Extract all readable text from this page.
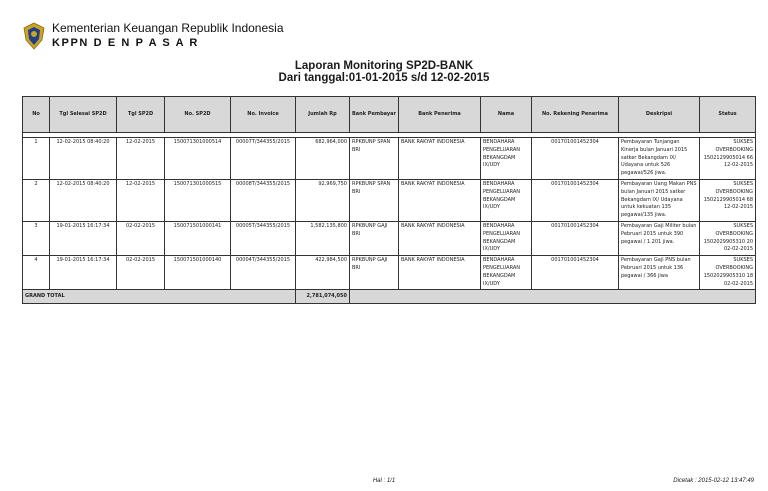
Kementerian Keuangan Republik Indonesia
KPPN D E N P A S A R
Laporan Monitoring SP2D-BANK
Dari tanggal:01-01-2015 s/d 12-02-2015
No	Tgl Selesai SP2D	Tgl SP2D	No. SP2D	No. Invoice	Jumlah Rp	Bank Pembayar	Bank Penerima	Nama	No. Rekening Penerima	Deskripsi	Status

1	12-02-2015 08:40:20	12-02-2015	150071301000514	00007T/344355/2015	682,964,000	RPKBUNP SPAN BRI	BANK RAKYAT INDONESIA	BENDAHARA PENGELUARAN BEKANGDAM IX/UDY	001701001452304	Pembayaran Tunjangan Kinerja bulan Januari 2015 satker Bekangdam IX/ Udayana untuk 526 pegawai/526 jiwa.	SUKSES OVERBOOKING 1502129905014 66 12-02-2015
2	12-02-2015 08:40:20	12-02-2015	150071301000515	00008T/344355/2015	92,969,750	RPKBUNP SPAN BRI	BANK RAKYAT INDONESIA	BENDAHARA PENGELUARAN BEKANGDAM IX/UDY	001701001452304	Pembayaran Uang Makan PNS bulan Januari 2015 satker Bekangdam IX/ Udayana untuk kekuatan 135 pegawai/135 jiwa.	SUKSES OVERBOOKING 1502129905014 68 12-02-2015
3	19-01-2015 16:17:34	02-02-2015	150071501000141	00005T/344355/2015	1,582,135,800	RPKBUNP GAJI BRI	BANK RAKYAT INDONESIA	BENDAHARA PENGELUARAN BEKANGDAM IX/UDY	001701001452304	Pembayaran Gaji Militer bulan Pebruari 2015 untuk 390 pegawai / 1.201 jiwa.	SUKSES OVERBOOKING 1502029905310 20 02-02-2015
4	19-01-2015 16:17:34	02-02-2015	150071501000140	00004T/344355/2015	422,984,500	RPKBUNP GAJI BRI	BANK RAKYAT INDONESIA	BENDAHARA PENGELUARAN BEKANGDAM IX/UDY	001701001452304	Pembayaran Gaji PNS bulan Pebruari 2015 untuk 136 pegawai / 366 jiwa	SUKSES OVERBOOKING 1502029905310 18 02-02-2015
GRAND TOTAL					2,781,074,050						
Hal : 1/1	Dicetak : 2015-02-12 13:47:49
